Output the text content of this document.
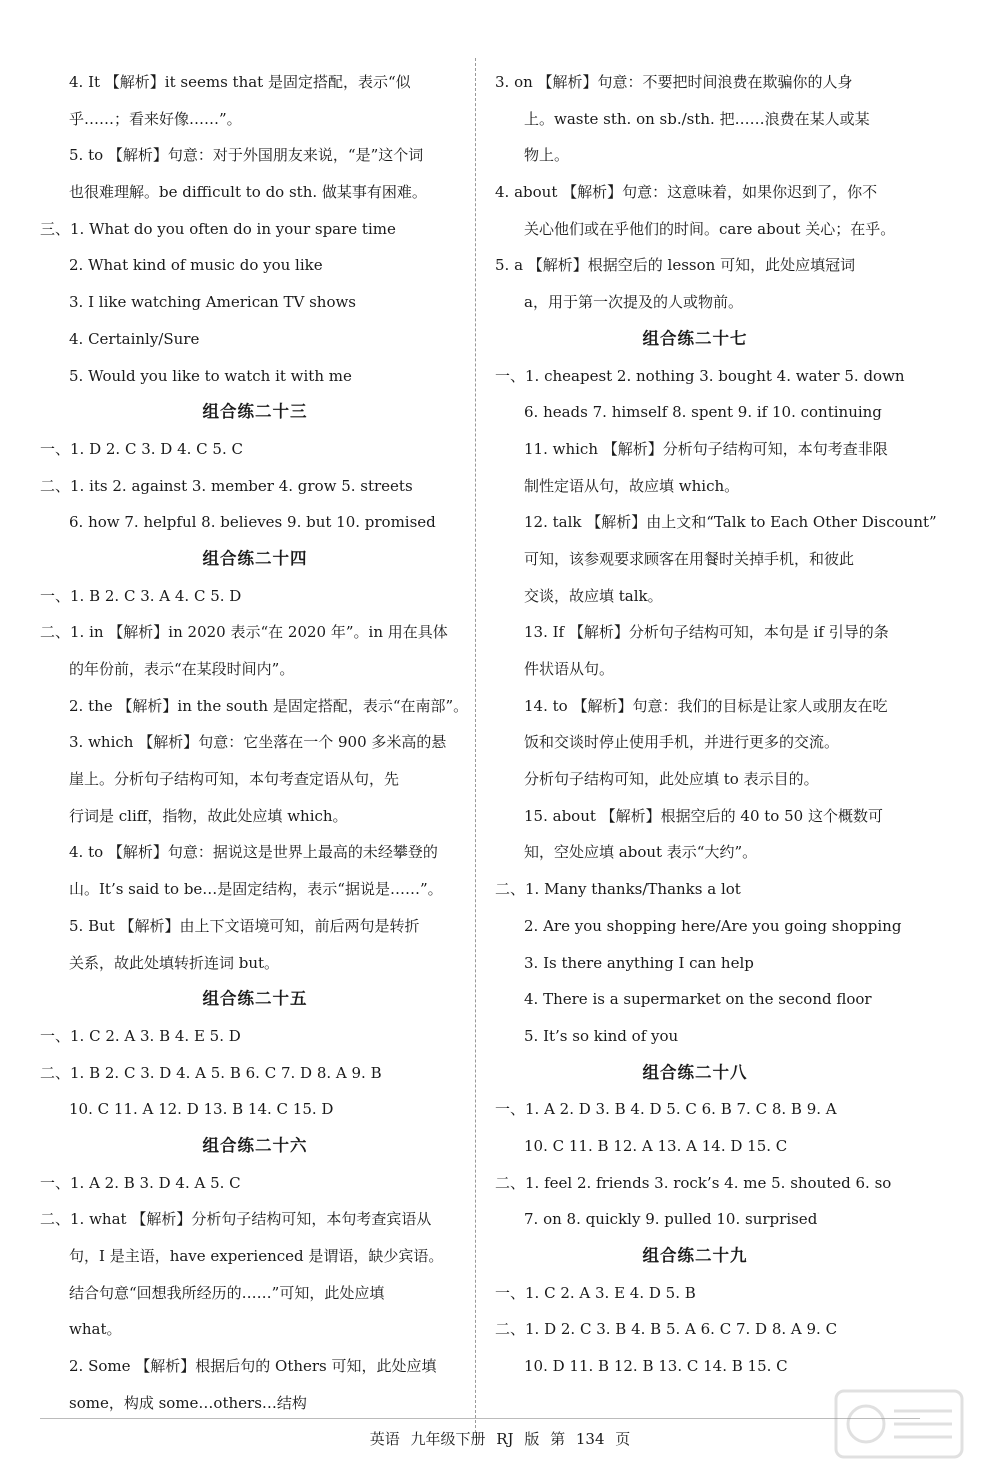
4. It 【解析】it seems that 是固定搭配，表示“似
乎……；看来好像……”。
5. to 【解析】句意：对于外国朋友来说，“是”这个词
也很难理解。be difficult to do sth. 做某事有困难。
三、1. What do you often do in your spare time
2. What kind of music do you like
3. I like watching American TV shows
4. Certainly/Sure
5. Would you like to watch it with me
组合练二十三
一、1. D 2. C 3. D 4. C 5. C
二、1. its 2. against 3. member 4. grow 5. streets
6. how 7. helpful 8. believes 9. but 10. promised
组合练二十四
一、1. B 2. C 3. A 4. C 5. D
二、1. in 【解析】in 2020 表示“在 2020 年”。in 用在具体
的年份前，表示“在某段时间内”。
2. the 【解析】in the south 是固定搭配，表示“在南部”。
3. which 【解析】句意：它坐落在一个 900 多米高的悬
崖上。分析句子结构可知，本句考查定语从句，先
行词是 cliff，指物，故此处应填 which。
4. to 【解析】句意：据说这是世界上最高的未经攀登的
山。It’s said to be…是固定结构，表示“据说是……”。
5. But 【解析】由上下文语境可知，前后两句是转折
关系，故此处填转折连词 but。
组合练二十五
一、1. C 2. A 3. B 4. E 5. D
二、1. B 2. C 3. D 4. A 5. B 6. C 7. D 8. A 9. B
10. C 11. A 12. D 13. B 14. C 15. D
组合练二十六
一、1. A 2. B 3. D 4. A 5. C
二、1. what 【解析】分析句子结构可知，本句考查宾语从
句，I 是主语，have experienced 是谓语，缺少宾语。
结合句意“回想我所经历的……”可知，此处应填
what。
2. Some 【解析】根据后句的 Others 可知，此处应填
some，构成 some…others…结构
3. on 【解析】句意：不要把时间浪费在欺骗你的人身
上。waste sth. on sb./sth. 把……浪费在某人或某
物上。
4. about 【解析】句意：这意味着，如果你迟到了，你不
关心他们或在乎他们的时间。care about 关心；在乎。
5. a 【解析】根据空后的 lesson 可知，此处应填冠词
a，用于第一次提及的人或物前。
组合练二十七
一、1. cheapest 2. nothing 3. bought 4. water 5. down
6. heads 7. himself 8. spent 9. if 10. continuing
11. which 【解析】分析句子结构可知，本句考查非限
制性定语从句，故应填 which。
12. talk 【解析】由上文和“Talk to Each Other Discount”
可知，该参观要求顾客在用餐时关掉手机，和彼此
交谈，故应填 talk。
13. If 【解析】分析句子结构可知，本句是 if 引导的条
件状语从句。
14. to 【解析】句意：我们的目标是让家人或朋友在吃
饭和交谈时停止使用手机，并进行更多的交流。
分析句子结构可知，此处应填 to 表示目的。
15. about 【解析】根据空后的 40 to 50 这个概数可
知，空处应填 about 表示“大约”。
二、1. Many thanks/Thanks a lot
2. Are you shopping here/Are you going shopping
3. Is there anything I can help
4. There is a supermarket on the second floor
5. It’s so kind of you
组合练二十八
一、1. A 2. D 3. B 4. D 5. C 6. B 7. C 8. B 9. A
10. C 11. B 12. A 13. A 14. D 15. C
二、1. feel 2. friends 3. rock’s 4. me 5. shouted 6. so
7. on 8. quickly 9. pulled 10. surprised
组合练二十九
一、1. C 2. A 3. E 4. D 5. B
二、1. D 2. C 3. B 4. B 5. A 6. C 7. D 8. A 9. C
10. D 11. B 12. B 13. C 14. B 15. C
英语 九年级下册 RJ 版 第 134 页
